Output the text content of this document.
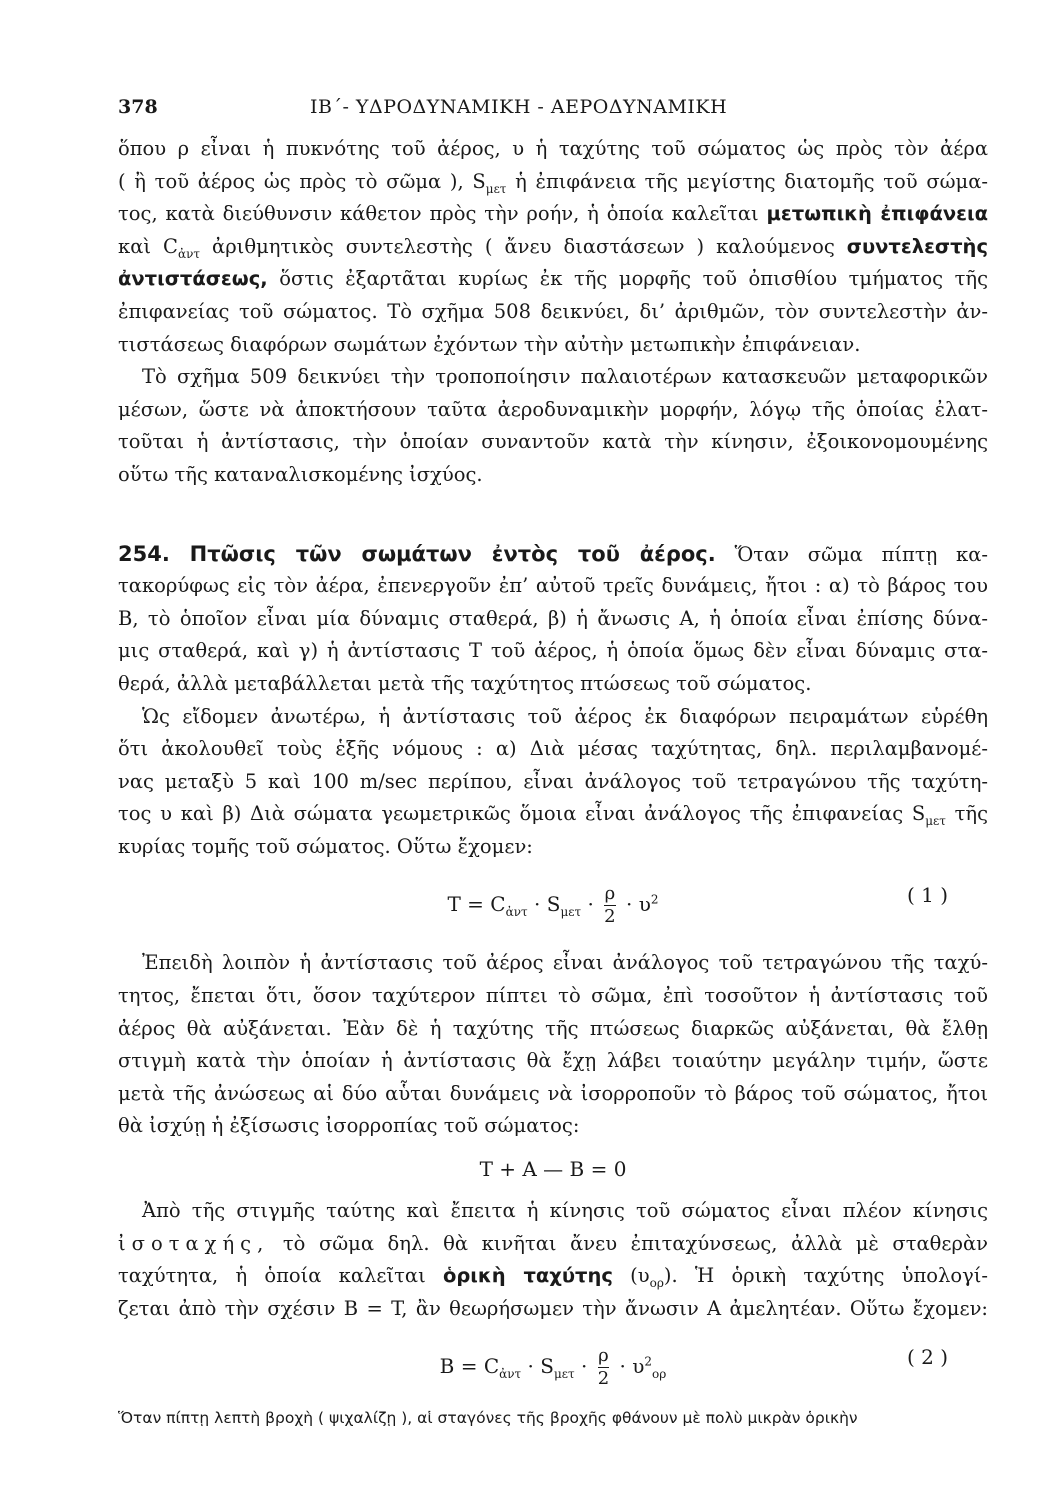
378	ΙΒ΄- ΥΔΡΟΔΥΝΑΜΙΚΗ - ΑΕΡΟΔΥΝΑΜΙΚΗ
ὅπου ρ εἶναι ἡ πυκνότης τοῦ ἀέρος, υ ἡ ταχύτης τοῦ σώματος ὡς πρὸς τὸν ἀέρα
( ἢ τοῦ ἀέρος ὡς πρὸς τὸ σῶμα ), $S_{\mu\varepsilon\tau}$ ἡ ἐπιφάνεια τῆς μεγίστης διατομῆς τοῦ σώμα-
τος, κατὰ διεύθυνσιν κάθετον πρὸς τὴν ροήν, ἡ ὁποία καλεῖται μετωπικὴ ἐπιφάνεια
καὶ $C_{ἀ\nu\tau}$ ἀριθμητικὸς συντελεστὴς ( ἄνευ διαστάσεων ) καλούμενος συντελεστὴς
ἀντιστάσεως, ὅστις ἐξαρτᾶται κυρίως ἐκ τῆς μορφῆς τοῦ ὀπισθίου τμήματος τῆς
ἐπιφανείας τοῦ σώματος. Τὸ σχῆμα 508 δεικνύει, δι’ ἀριθμῶν, τὸν συντελεστὴν ἀν-
τιστάσεως διαφόρων σωμάτων ἐχόντων τὴν αὐτὴν μετωπικὴν ἐπιφάνειαν.
Τὸ σχῆμα 509 δεικνύει τὴν τροποποίησιν παλαιοτέρων κατασκευῶν μεταφορικῶν
μέσων, ὥστε νὰ ἀποκτήσουν ταῦτα ἀεροδυναμικὴν μορφήν, λόγῳ τῆς ὁποίας ἐλατ-
τοῦται ἡ ἀντίστασις, τὴν ὁποίαν συναντοῦν κατὰ τὴν κίνησιν, ἐξοικονομουμένης
οὕτω τῆς καταναλισκομένης ἰσχύος.
254. Πτῶσις τῶν σωμάτων ἐντὸς τοῦ ἀέρος. Ὅταν σῶμα πίπτῃ κα-
τακορύφως εἰς τὸν ἀέρα, ἐπενεργοῦν ἐπ’ αὐτοῦ τρεῖς δυνάμεις, ἤτοι : α) τὸ βάρος του
Β, τὸ ὁποῖον εἶναι μία δύναμις σταθερά, β) ἡ ἄνωσις Α, ἡ ὁποία εἶναι ἐπίσης δύνα-
μις σταθερά, καὶ γ) ἡ ἀντίστασις Τ τοῦ ἀέρος, ἡ ὁποία ὅμως δὲν εἶναι δύναμις στα-
θερά, ἀλλὰ μεταβάλλεται μετὰ τῆς ταχύτητος πτώσεως τοῦ σώματος.
Ὡς εἴδομεν ἀνωτέρω, ἡ ἀντίστασις τοῦ ἀέρος ἐκ διαφόρων πειραμάτων εὑρέθη
ὅτι ἀκολουθεῖ τοὺς ἑξῆς νόμους : α) Διὰ μέσας ταχύτητας, δηλ. περιλαμβανομέ-
νας μεταξὺ 5 καὶ 100 m/sec περίπου, εἶναι ἀνάλογος τοῦ τετραγώνου τῆς ταχύτη-
τος υ καὶ β) Διὰ σώματα γεωμετρικῶς ὅμοια εἶναι ἀνάλογος τῆς ἐπιφανείας $S_{\mu\varepsilon\tau}$ τῆς
κυρίας τομῆς τοῦ σώματος. Οὕτω ἔχομεν:
$T = C_{ἀ\nu\tau} \cdot S_{\mu\varepsilon\tau} \cdot \frac{\rho}{2} \cdot \upsilon^2$	( 1 )
Ἐπειδὴ λοιπὸν ἡ ἀντίστασις τοῦ ἀέρος εἶναι ἀνάλογος τοῦ τετραγώνου τῆς ταχύ-
τητος, ἔπεται ὅτι, ὅσον ταχύτερον πίπτει τὸ σῶμα, ἐπὶ τοσοῦτον ἡ ἀντίστασις τοῦ
ἀέρος θὰ αὐξάνεται. Ἐὰν δὲ ἡ ταχύτης τῆς πτώσεως διαρκῶς αὐξάνεται, θὰ ἔλθῃ
στιγμὴ κατὰ τὴν ὁποίαν ἡ ἀντίστασις θὰ ἔχῃ λάβει τοιαύτην μεγάλην τιμήν, ὥστε
μετὰ τῆς ἀνώσεως αἱ δύο αὗται δυνάμεις νὰ ἰσορροποῦν τὸ βάρος τοῦ σώματος, ἤτοι
θὰ ἰσχύῃ ἡ ἐξίσωσις ἰσορροπίας τοῦ σώματος:
T + A — B = 0
Ἀπὸ τῆς στιγμῆς ταύτης καὶ ἔπειτα ἡ κίνησις τοῦ σώματος εἶναι πλέον κίνησις
ἰσοταχής, τὸ σῶμα δηλ. θὰ κινῆται ἄνευ ἐπιταχύνσεως, ἀλλὰ μὲ σταθερὰν
ταχύτητα, ἡ ὁποία καλεῖται ὁρικὴ ταχύτης $(\upsilon_{o\rho})$. Ἡ ὁρικὴ ταχύτης ὑπολογί-
ζεται ἀπὸ τὴν σχέσιν B = T, ἂν θεωρήσωμεν τὴν ἄνωσιν Α ἀμελητέαν. Οὕτω ἔχομεν:
$B = C_{ἀ\nu\tau} \cdot S_{\mu\varepsilon\tau} \cdot \frac{\rho}{2} \cdot \upsilon^2_{o\rho}$
( 2 )
Ὅταν πίπτῃ λεπτὴ βροχὴ ( ψιχαλίζῃ ), αἱ σταγόνες τῆς βροχῆς φθάνουν μὲ πολὺ μικρὰν ὁρικὴν
